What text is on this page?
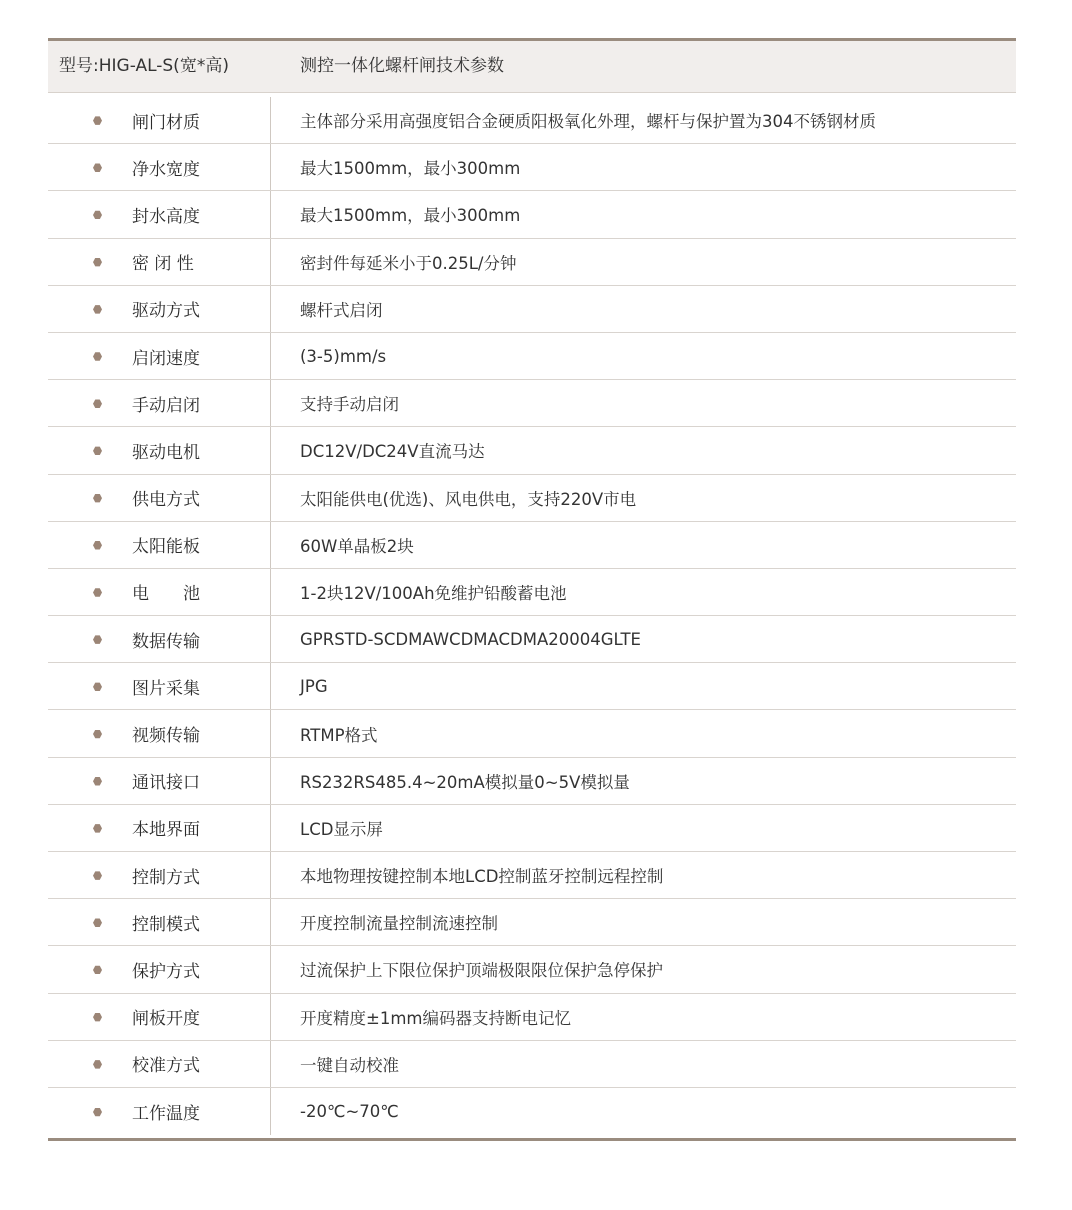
型号:HIG-AL-S(宽*高)	测控一体化螺杆闸技术参数
闸门材质	主体部分采用高强度铝合金硬质阳极氧化外理，螺杆与保护置为304不锈钢材质
净水宽度	最大1500mm，最小300mm
封水高度	最大1500mm，最小300mm
密 闭 性	密封件每延米小于0.25L/分钟
驱动方式	螺杆式启闭
启闭速度	(3-5)mm/s
手动启闭	支持手动启闭
驱动电机	DC12V/DC24V直流马达
供电方式	太阳能供电(优选)、风电供电，支持220V市电
太阳能板	60W单晶板2块
电　　池	1-2块12V/100Ah免维护铅酸蓄电池
数据传输	GPRSTD-SCDMAWCDMACDMA20004GLTE
图片采集	JPG
视频传输	RTMP格式
通讯接口	RS232RS485.4~20mA模拟量0~5V模拟量
本地界面	LCD显示屏
控制方式	本地物理按键控制本地LCD控制蓝牙控制远程控制
控制模式	开度控制流量控制流速控制
保护方式	过流保护上下限位保护顶端极限限位保护急停保护
闸板开度	开度精度±1mm编码器支持断电记忆
校准方式	一键自动校准
工作温度	-20℃~70℃
